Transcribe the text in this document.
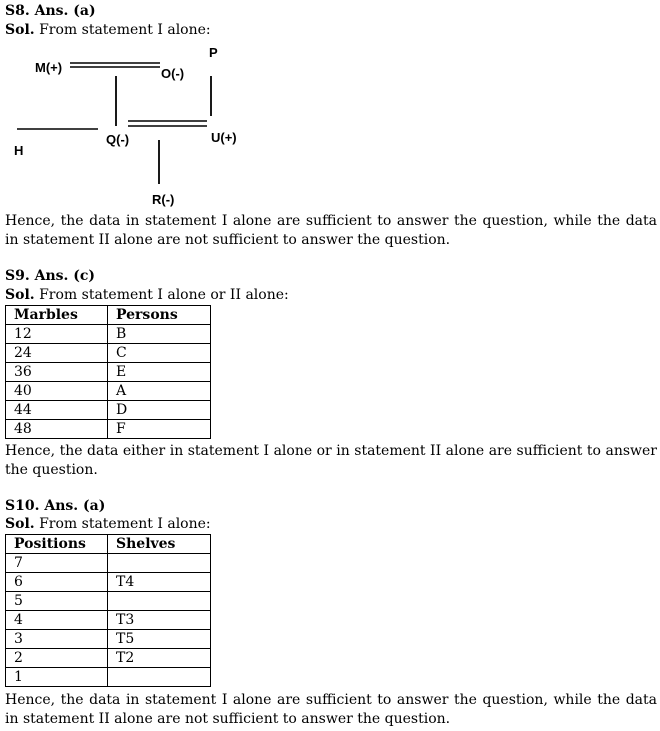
S8. Ans. (a)
Sol. From statement I alone:
M(+)	O(-)
P
H
Q(-)	U(+)
R(-)
Hence, the data in statement I alone are sufficient to answer the question, while the data in statement II alone are not sufficient to answer the question.
S9. Ans. (c)
Sol. From statement I alone or II alone:
Marbles	Persons
12	B
24	C
36	E
40	A
44	D
48	F
Hence, the data either in statement I alone or in statement II alone are sufficient to answer the question.
S10. Ans. (a)
Sol. From statement I alone:
Positions	Shelves
7	
6	T4
5	
4	T3
3	T5
2	T2
1	
Hence, the data in statement I alone are sufficient to answer the question, while the data in statement II alone are not sufficient to answer the question.
